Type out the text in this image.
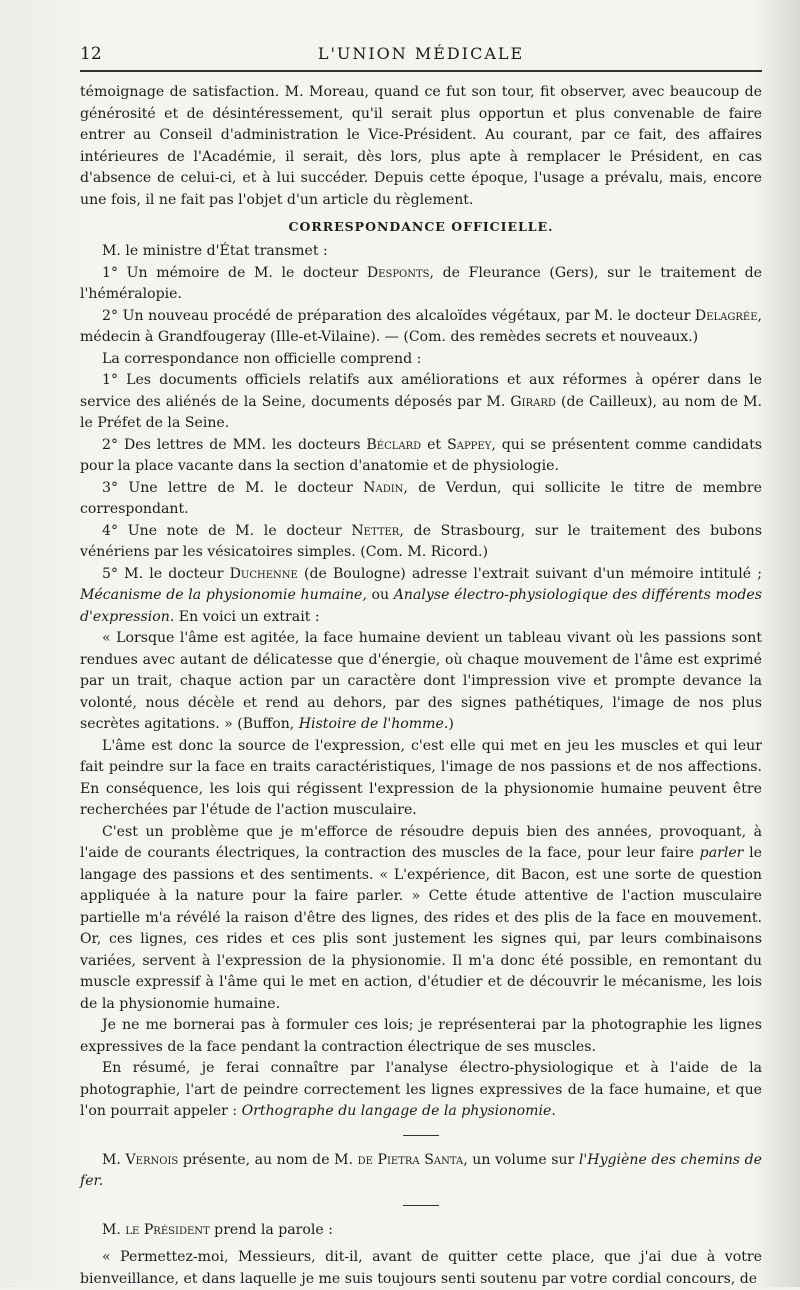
12	L'UNION MÉDICALE

témoignage de satisfaction. M. Moreau, quand ce fut son tour, fit observer, avec beaucoup de générosité et de désintéressement, qu'il serait plus opportun et plus convenable de faire entrer au Conseil d'administration le Vice-Président. Au courant, par ce fait, des affaires intérieures de l'Académie, il serait, dès lors, plus apte à remplacer le Président, en cas d'absence de celui-ci, et à lui succéder. Depuis cette époque, l'usage a prévalu, mais, encore une fois, il ne fait pas l'objet d'un article du règlement.

CORRESPONDANCE OFFICIELLE.

M. le ministre d'État transmet :

1° Un mémoire de M. le docteur Desponts, de Fleurance (Gers), sur le traitement de l'héméralopie.

2° Un nouveau procédé de préparation des alcaloïdes végétaux, par M. le docteur Delagrée, médecin à Grandfougeray (Ille-et-Vilaine). — (Com. des remèdes secrets et nouveaux.)

La correspondance non officielle comprend :

1° Les documents officiels relatifs aux améliorations et aux réformes à opérer dans le service des aliénés de la Seine, documents déposés par M. Girard (de Cailleux), au nom de M. le Préfet de la Seine.

2° Des lettres de MM. les docteurs Béclard et Sappey, qui se présentent comme candidats pour la place vacante dans la section d'anatomie et de physiologie.

3° Une lettre de M. le docteur Nadin, de Verdun, qui sollicite le titre de membre correspondant.

4° Une note de M. le docteur Netter, de Strasbourg, sur le traitement des bubons vénériens par les vésicatoires simples. (Com. M. Ricord.)

5° M. le docteur Duchenne (de Boulogne) adresse l'extrait suivant d'un mémoire intitulé ; Mécanisme de la physionomie humaine, ou Analyse électro-physiologique des différents modes d'expression. En voici un extrait :

« Lorsque l'âme est agitée, la face humaine devient un tableau vivant où les passions sont rendues avec autant de délicatesse que d'énergie, où chaque mouvement de l'âme est exprimé par un trait, chaque action par un caractère dont l'impression vive et prompte devance la volonté, nous décèle et rend au dehors, par des signes pathétiques, l'image de nos plus secrètes agitations. » (Buffon, Histoire de l'homme.)

L'âme est donc la source de l'expression, c'est elle qui met en jeu les muscles et qui leur fait peindre sur la face en traits caractéristiques, l'image de nos passions et de nos affections. En conséquence, les lois qui régissent l'expression de la physionomie humaine peuvent être recherchées par l'étude de l'action musculaire.

C'est un problème que je m'efforce de résoudre depuis bien des années, provoquant, à l'aide de courants électriques, la contraction des muscles de la face, pour leur faire parler le langage des passions et des sentiments. « L'expérience, dit Bacon, est une sorte de question appliquée à la nature pour la faire parler. » Cette étude attentive de l'action musculaire partielle m'a révélé la raison d'être des lignes, des rides et des plis de la face en mouvement. Or, ces lignes, ces rides et ces plis sont justement les signes qui, par leurs combinaisons variées, servent à l'expression de la physionomie. Il m'a donc été possible, en remontant du muscle expressif à l'âme qui le met en action, d'étudier et de découvrir le mécanisme, les lois de la physionomie humaine.

Je ne me bornerai pas à formuler ces lois; je représenterai par la photographie les lignes expressives de la face pendant la contraction électrique de ses muscles.

En résumé, je ferai connaître par l'analyse électro-physiologique et à l'aide de la photographie, l'art de peindre correctement les lignes expressives de la face humaine, et que l'on pourrait appeler : Orthographe du langage de la physionomie.

M. Vernois présente, au nom de M. de Pietra Santa, un volume sur l'Hygiène des chemins de fer.

M. le Président prend la parole :

« Permettez-moi, Messieurs, dit-il, avant de quitter cette place, que j'ai due à votre bienveillance, et dans laquelle je me suis toujours senti soutenu par votre cordial concours, de
